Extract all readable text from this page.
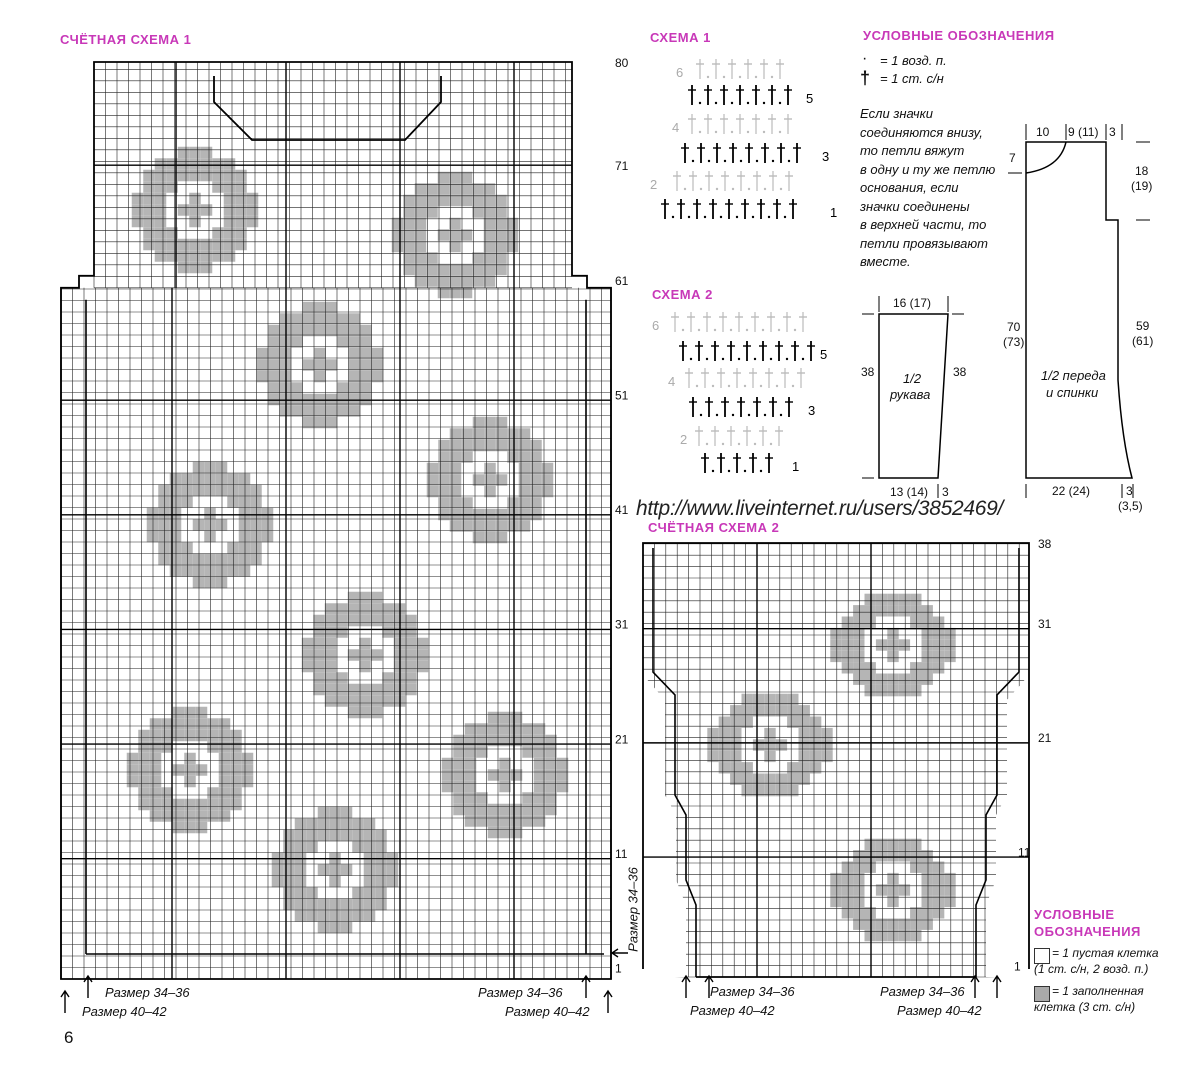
СЧЁТНАЯ СХЕМА 1	СХЕМА 1	УСЛОВНЫЕ ОБОЗНАЧЕНИЯ
СХЕМА 2
СЧЁТНАЯ СХЕМА 2
УСЛОВНЫЕ
ОБОЗНАЧЕНИЯ
http://www.liveinternet.ru/users/3852469/
6
· = 1 возд. п.
† = 1 ст. с/н
Если значки
соединяются внизу,
то петли вяжут
в одну и ту же петлю
основания, если
значки соединены
в верхней части, то
петли провязывают
вместе.
= 1 пустая клетка
(1 ст. с/н, 2 возд. п.)
= 1 заполненная
клетка (3 ст. с/н)
Размер 34–36
Размер 40–42
Размер 34–36
Размер 40–42
Размер 34–36
Размер 34–36
Размер 40–42
Размер 34–36
Размер 40–42
16 (17)
38	38
1/2
рукава
13 (14) 3
10 9 (11) 3
7
18
(19)
70
(73)
59
(61)
1/2 переда
и спинки
22 (24)	3
(3,5)
80
71
61
51
41
31
21
11
1
38
31
21
11
1
6
5
4
3
2
1
6
5
4
3
2
1
